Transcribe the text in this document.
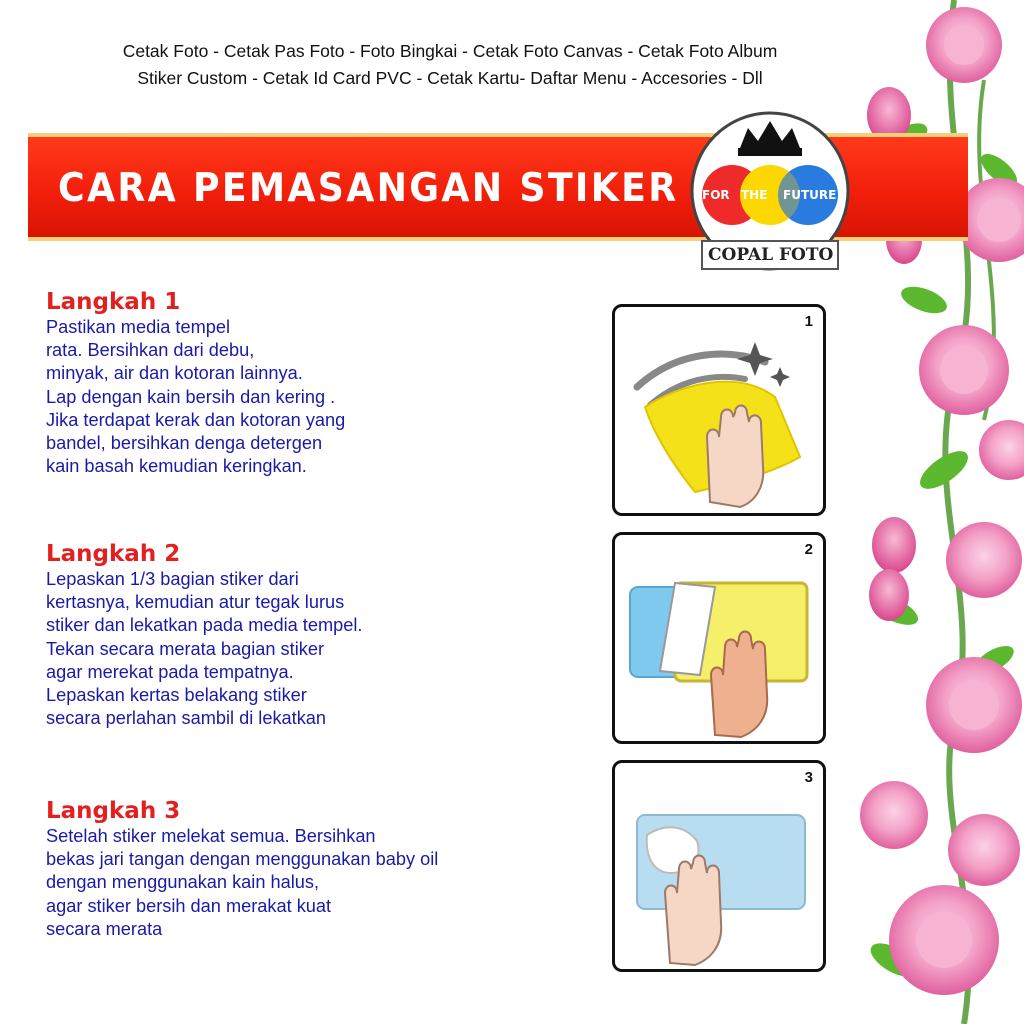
Cetak Foto - Cetak Pas Foto - Foto Bingkai - Cetak Foto Canvas - Cetak Foto Album
Stiker Custom - Cetak Id Card PVC - Cetak Kartu- Daftar Menu - Accesories - Dll
CARA PEMASANGAN STIKER FOR THE FUTURE
COPAL FOTO
Langkah 1
Pastikan media tempel
rata. Bersihkan dari debu,
minyak, air dan kotoran lainnya.
Lap dengan kain bersih dan kering .
Jika terdapat kerak dan kotoran yang
bandel, bersihkan denga detergen
kain basah kemudian keringkan.
Langkah 2
Lepaskan 1/3 bagian stiker dari
kertasnya, kemudian atur tegak lurus
stiker dan lekatkan pada media tempel.
Tekan secara merata bagian stiker
agar merekat pada tempatnya.
Lepaskan kertas belakang stiker
secara perlahan sambil di lekatkan
Langkah 3
Setelah stiker melekat semua. Bersihkan
bekas jari tangan dengan menggunakan baby oil
dengan menggunakan kain halus,
agar stiker bersih dan merakat kuat
secara merata
1
2
3
